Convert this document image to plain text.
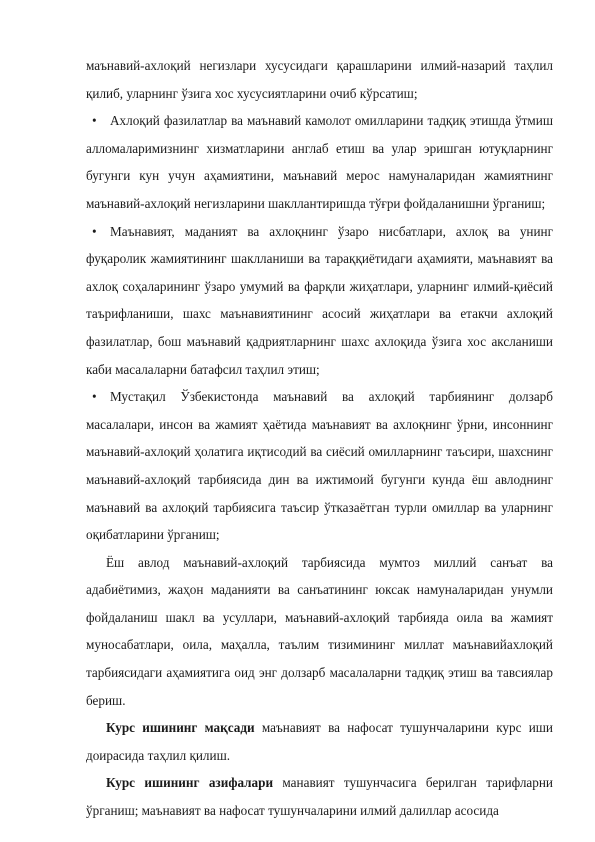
маънавий-ахлоқий негизлари хусусидаги қарашларини илмий-назарий таҳлил қилиб, уларнинг ўзига хос хусусиятларини очиб кўрсатиш;

• Ахлоқий фазилатлар ва маънавий камолот омилларини тадқиқ этишда ўтмиш алломаларимизнинг хизматларини англаб етиш ва улар эришган ютуқларнинг бугунги кун учун аҳамиятини, маънавий мерос намуналаридан жамиятнинг маънавий-ахлоқий негизларини шакллантиришда тўғри фойдаланишни ўрганиш;

• Маънавият, маданият ва ахлоқнинг ўзаро нисбатлари, ахлоқ ва унинг фуқаролик жамиятининг шаклланиши ва тараққиётидаги аҳамияти, маънавият ва ахлоқ соҳаларининг ўзаро умумий ва фарқли жиҳатлари, уларнинг илмий-қиёсий таърифланиши, шахс маънавиятининг асосий жиҳатлари ва етакчи ахлоқий фазилатлар, бош маънавий қадриятларнинг шахс ахлоқида ўзига хос аксланиши каби масалаларни батафсил таҳлил этиш;

• Мустақил Ўзбекистонда маънавий ва ахлоқий тарбиянинг долзарб масалалари, инсон ва жамият ҳаётида маънавият ва ахлоқнинг ўрни, инсоннинг маънавий-ахлоқий ҳолатига иқтисодий ва сиёсий омилларнинг таъсири, шахснинг маънавий-ахлоқий тарбиясида дин ва ижтимоий бугунги кунда ёш авлоднинг маънавий ва ахлоқий тарбиясига таъсир ўтказаётган турли омиллар ва уларнинг оқибатларини ўрганиш;

Ёш авлод маънавий-ахлоқий тарбиясида мумтоз миллий санъат ва адабиётимиз, жаҳон маданияти ва санъатининг юксак намуналаридан унумли фойдаланиш шакл ва усуллари, маънавий-ахлоқий тарбияда оила ва жамият муносабатлари, оила, маҳалла, таълим тизимининг миллат маънавийахлоқий тарбиясидаги аҳамиятига оид энг долзарб масалаларни тадқиқ этиш ва тавсиялар бериш.

Курс ишининг мақсади маънавият ва нафосат тушунчаларини курс иши доирасида таҳлил қилиш.

Курс ишининг азифалари манавият тушунчасига берилган тарифларни ўрганиш; маънавият ва нафосат тушунчаларини илмий далиллар асосида
